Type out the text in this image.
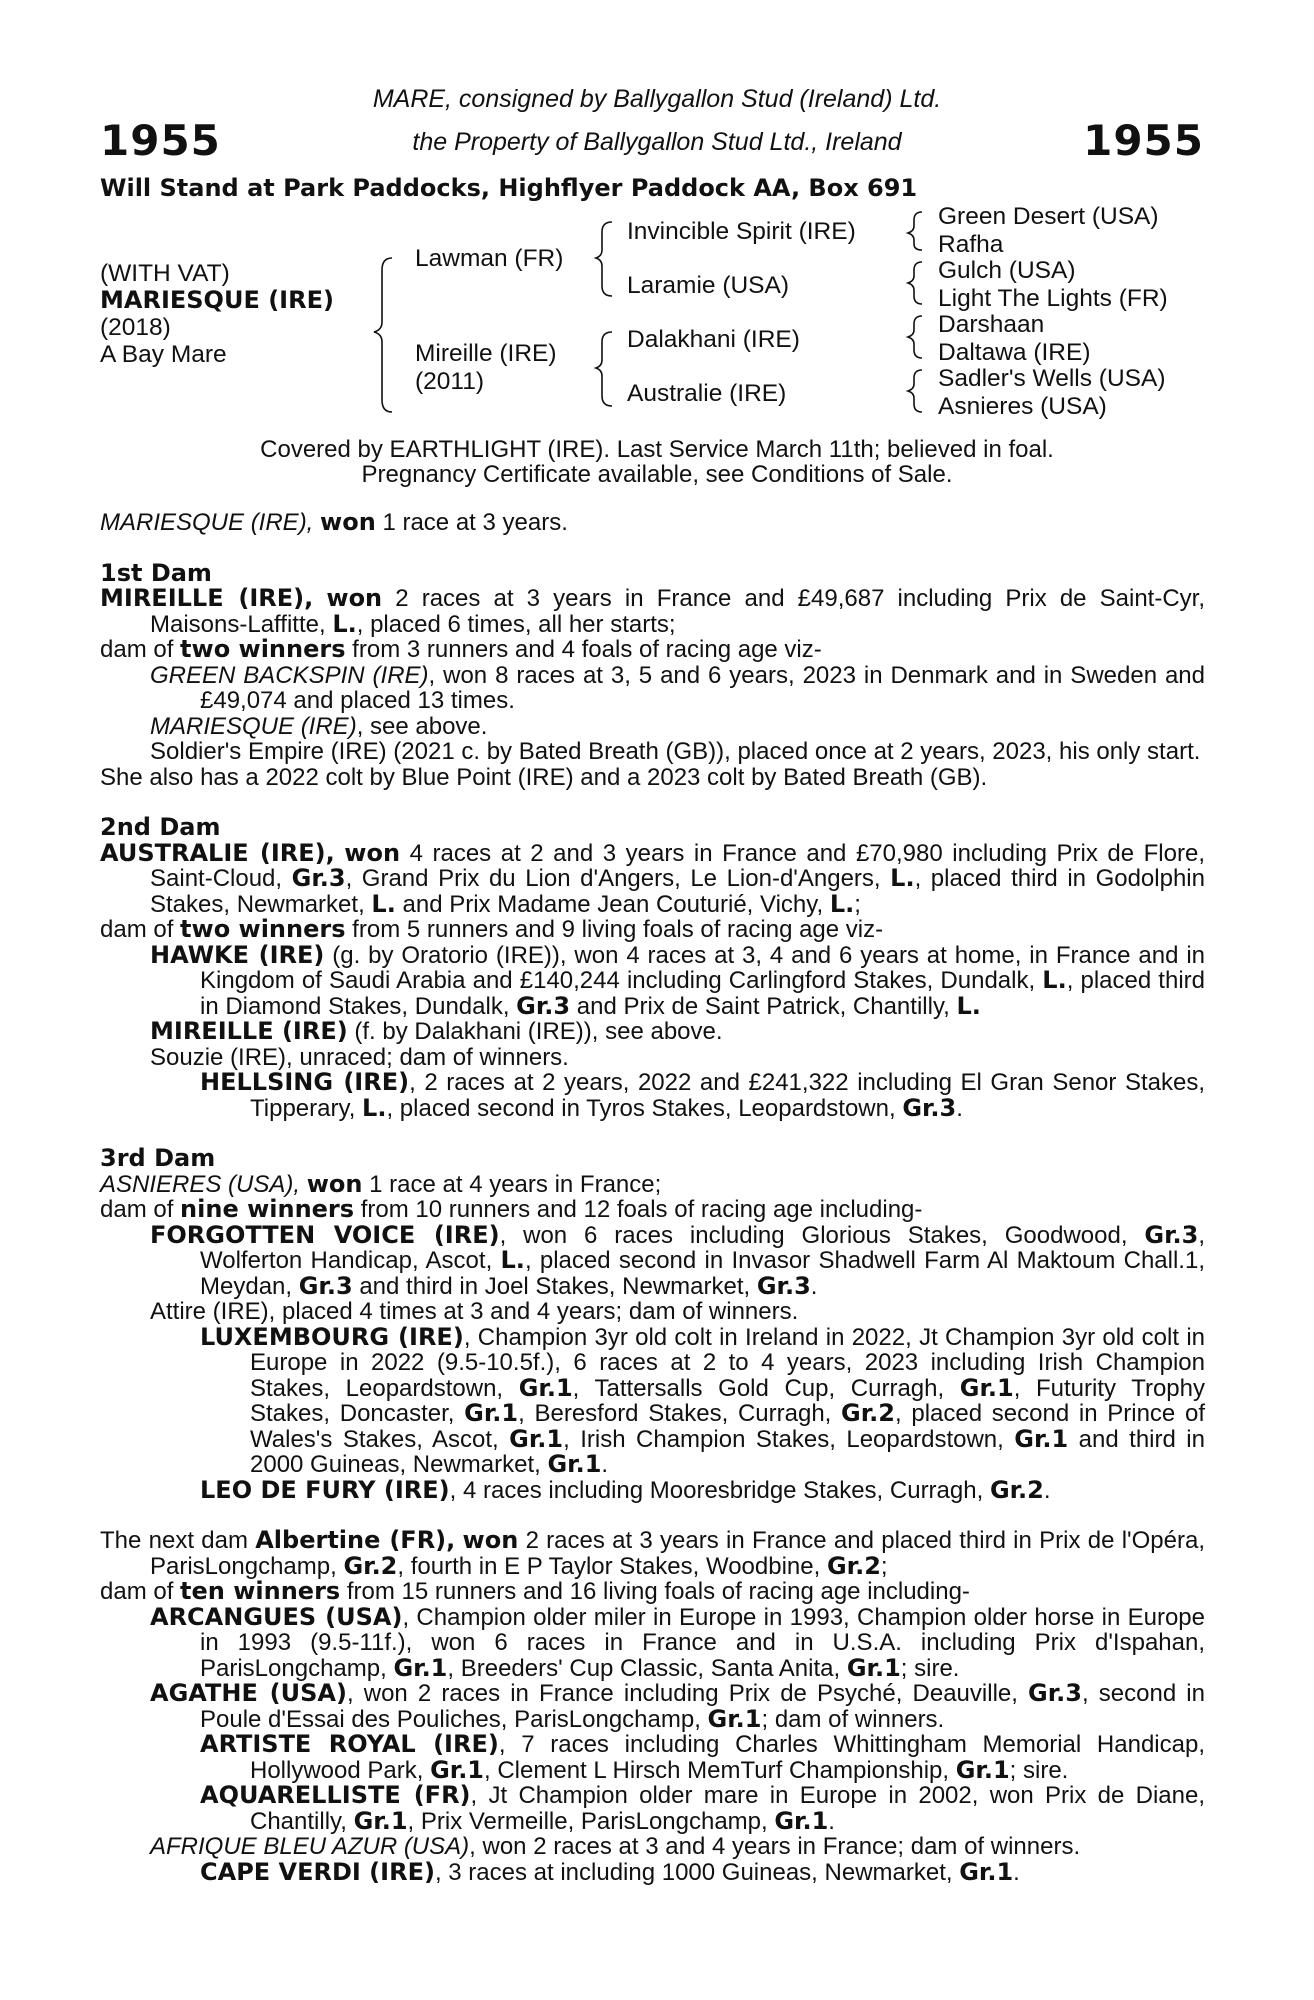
1955	1955
MARE, consigned by Ballygallon Stud (Ireland) Ltd.
the Property of Ballygallon Stud Ltd., Ireland
Will Stand at Park Paddocks, Highflyer Paddock AA, Box 691
(WITH VAT)
MARIESQUE (IRE)
(2018)
A Bay Mare
Lawman (FR)
Mireille (IRE)
(2011)
Invincible Spirit (IRE)
Laramie (USA)
Dalakhani (IRE)
Australie (IRE)
Green Desert (USA)
Rafha
Gulch (USA)
Light The Lights (FR)
Darshaan
Daltawa (IRE)
Sadler's Wells (USA)
Asnieres (USA)
Covered by EARTHLIGHT (IRE). Last Service March 11th; believed in foal.
Pregnancy Certificate available, see Conditions of Sale.

MARIESQUE (IRE), won 1 race at 3 years.

1st Dam

MIREILLE (IRE), won 2 races at 3 years in France and £49,687 including Prix de Saint-Cyr, Maisons-Laffitte, L., placed 6 times, all her starts;

dam of two winners from 3 runners and 4 foals of racing age viz-

GREEN BACKSPIN (IRE), won 8 races at 3, 5 and 6 years, 2023 in Denmark and in Sweden and £49,074 and placed 13 times.

MARIESQUE (IRE), see above.

Soldier's Empire (IRE) (2021 c. by Bated Breath (GB)), placed once at 2 years, 2023, his only start.

She also has a 2022 colt by Blue Point (IRE) and a 2023 colt by Bated Breath (GB).

2nd Dam

AUSTRALIE (IRE), won 4 races at 2 and 3 years in France and £70,980 including Prix de Flore, Saint-Cloud, Gr.3, Grand Prix du Lion d'Angers, Le Lion-d'Angers, L., placed third in Godolphin Stakes, Newmarket, L. and Prix Madame Jean Couturié, Vichy, L.;

dam of two winners from 5 runners and 9 living foals of racing age viz-

HAWKE (IRE) (g. by Oratorio (IRE)), won 4 races at 3, 4 and 6 years at home, in France and in Kingdom of Saudi Arabia and £140,244 including Carlingford Stakes, Dundalk, L., placed third in Diamond Stakes, Dundalk, Gr.3 and Prix de Saint Patrick, Chantilly, L.

MIREILLE (IRE) (f. by Dalakhani (IRE)), see above.

Souzie (IRE), unraced; dam of winners.

HELLSING (IRE), 2 races at 2 years, 2022 and £241,322 including El Gran Senor Stakes, Tipperary, L., placed second in Tyros Stakes, Leopardstown, Gr.3.

3rd Dam

ASNIERES (USA), won 1 race at 4 years in France;

dam of nine winners from 10 runners and 12 foals of racing age including-

FORGOTTEN VOICE (IRE), won 6 races including Glorious Stakes, Goodwood, Gr.3, Wolferton Handicap, Ascot, L., placed second in Invasor Shadwell Farm Al Maktoum Chall.1, Meydan, Gr.3 and third in Joel Stakes, Newmarket, Gr.3.

Attire (IRE), placed 4 times at 3 and 4 years; dam of winners.

LUXEMBOURG (IRE), Champion 3yr old colt in Ireland in 2022, Jt Champion 3yr old colt in Europe in 2022 (9.5-10.5f.), 6 races at 2 to 4 years, 2023 including Irish Champion Stakes, Leopardstown, Gr.1, Tattersalls Gold Cup, Curragh, Gr.1, Futurity Trophy Stakes, Doncaster, Gr.1, Beresford Stakes, Curragh, Gr.2, placed second in Prince of Wales's Stakes, Ascot, Gr.1, Irish Champion Stakes, Leopardstown, Gr.1 and third in 2000 Guineas, Newmarket, Gr.1.

LEO DE FURY (IRE), 4 races including Mooresbridge Stakes, Curragh, Gr.2.

The next dam Albertine (FR), won 2 races at 3 years in France and placed third in Prix de l'Opéra, ParisLongchamp, Gr.2, fourth in E P Taylor Stakes, Woodbine, Gr.2;

dam of ten winners from 15 runners and 16 living foals of racing age including-

ARCANGUES (USA), Champion older miler in Europe in 1993, Champion older horse in Europe in 1993 (9.5-11f.), won 6 races in France and in U.S.A. including Prix d'Ispahan, ParisLongchamp, Gr.1, Breeders' Cup Classic, Santa Anita, Gr.1; sire.

AGATHE (USA), won 2 races in France including Prix de Psyché, Deauville, Gr.3, second in Poule d'Essai des Pouliches, ParisLongchamp, Gr.1; dam of winners.

ARTISTE ROYAL (IRE), 7 races including Charles Whittingham Memorial Handicap, Hollywood Park, Gr.1, Clement L Hirsch MemTurf Championship, Gr.1; sire.

AQUARELLISTE (FR), Jt Champion older mare in Europe in 2002, won Prix de Diane, Chantilly, Gr.1, Prix Vermeille, ParisLongchamp, Gr.1.

AFRIQUE BLEU AZUR (USA), won 2 races at 3 and 4 years in France; dam of winners.

CAPE VERDI (IRE), 3 races at including 1000 Guineas, Newmarket, Gr.1.
